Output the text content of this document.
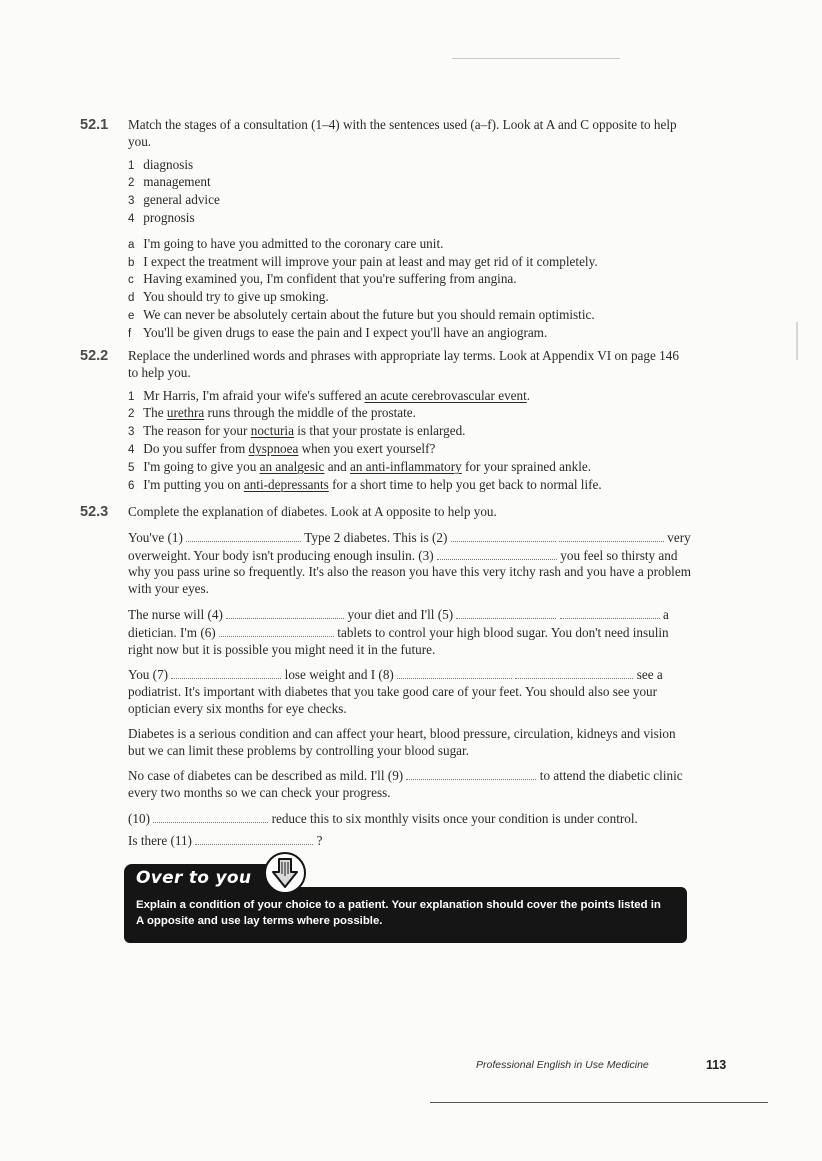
52.1 Match the stages of a consultation (1–4) with the sentences used (a–f). Look at A and C opposite to help you.

1 diagnosis
2 management
3 general advice
4 prognosis
a I'm going to have you admitted to the coronary care unit.
b I expect the treatment will improve your pain at least and may get rid of it completely.
c Having examined you, I'm confident that you're suffering from angina.
d You should try to give up smoking.
e We can never be absolutely certain about the future but you should remain optimistic.
f You'll be given drugs to ease the pain and I expect you'll have an angiogram.
52.2 Replace the underlined words and phrases with appropriate lay terms. Look at Appendix VI on page 146 to help you.

1 Mr Harris, I'm afraid your wife's suffered an acute cerebrovascular event.
2 The urethra runs through the middle of the prostate.
3 The reason for your nocturia is that your prostate is enlarged.
4 Do you suffer from dyspnoea when you exert yourself?
5 I'm going to give you an analgesic and an anti-inflammatory for your sprained ankle.
6 I'm putting you on anti-depressants for a short time to help you get back to normal life.
52.3 Complete the explanation of diabetes. Look at A opposite to help you.

You've (1)	Type 2 diabetes. This is (2)	very overweight. Your body isn't producing enough insulin. (3)	you feel so thirsty and why you pass urine so frequently. It's also the reason you have this very itchy rash and you have a problem with your eyes.

The nurse will (4)	your diet and I'll (5)	a dietician. I'm (6)	tablets to control your high blood sugar. You don't need insulin right now but it is possible you might need it in the future.

You (7)	lose weight and I (8)	see a podiatrist. It's important with diabetes that you take good care of your feet. You should also see your optician every six months for eye checks.

Diabetes is a serious condition and can affect your heart, blood pressure, circulation, kidneys and vision but we can limit these problems by controlling your blood sugar.

No case of diabetes can be described as mild. I'll (9)	to attend the diabetic clinic every two months so we can check your progress.

(10)	reduce this to six monthly visits once your condition is under control.

Is there (11)	?

Over to you
Explain a condition of your choice to a patient. Your explanation should cover the points listed in A opposite and use lay terms where possible.
Professional English in Use Medicine	113
